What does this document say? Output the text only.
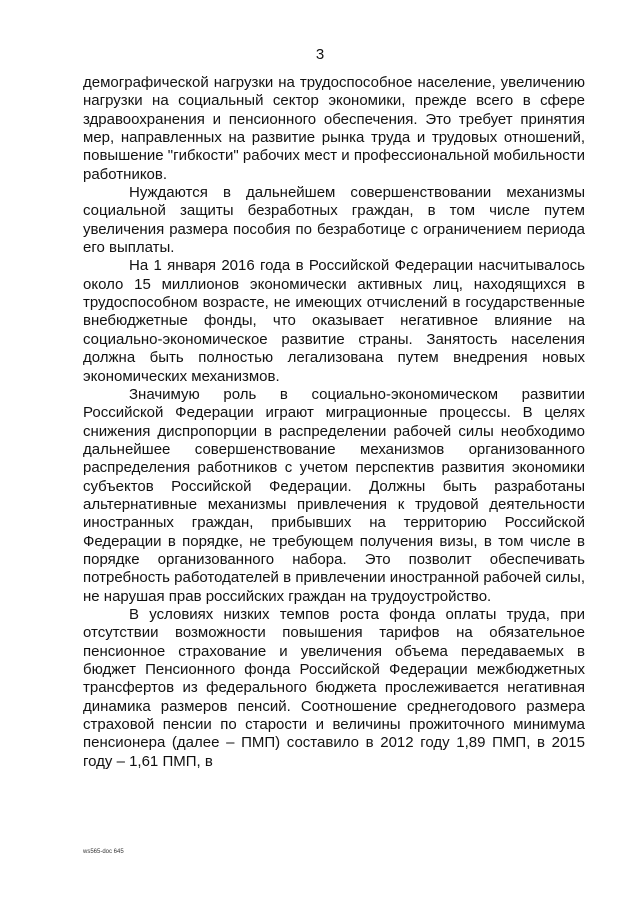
3

демографической нагрузки на трудоспособное население, увеличению нагрузки на социальный сектор экономики, прежде всего в сфере здравоохранения и пенсионного обеспечения. Это требует принятия мер, направленных на развитие рынка труда и трудовых отношений, повышение "гибкости" рабочих мест и профессиональной мобильности работников.

Нуждаются в дальнейшем совершенствовании механизмы социальной защиты безработных граждан, в том числе путем увеличения размера пособия по безработице с ограничением периода его выплаты.

На 1 января 2016 года в Российской Федерации насчитывалось около 15 миллионов экономически активных лиц, находящихся в трудоспособном возрасте, не имеющих отчислений в государственные внебюджетные фонды, что оказывает негативное влияние на социально-экономическое развитие страны. Занятость населения должна быть полностью легализована путем внедрения новых экономических механизмов.

Значимую роль в социально-экономическом развитии Российской Федерации играют миграционные процессы. В целях снижения диспропорции в распределении рабочей силы необходимо дальнейшее совершенствование механизмов организованного распределения работников с учетом перспектив развития экономики субъектов Российской Федерации. Должны быть разработаны альтернативные механизмы привлечения к трудовой деятельности иностранных граждан, прибывших на территорию Российской Федерации в порядке, не требующем получения визы, в том числе в порядке организованного набора. Это позволит обеспечивать потребность работодателей в привлечении иностранной рабочей силы, не нарушая прав российских граждан на трудоустройство.

В условиях низких темпов роста фонда оплаты труда, при отсутствии возможности повышения тарифов на обязательное пенсионное страхование и увеличения объема передаваемых в бюджет Пенсионного фонда Российской Федерации межбюджетных трансфертов из федерального бюджета прослеживается негативная динамика размеров пенсий. Соотношение среднегодового размера страховой пенсии по старости и величины прожиточного минимума пенсионера (далее – ПМП) составило в 2012 году 1,89 ПМП, в 2015 году – 1,61 ПМП, в

ws565-doc 645
